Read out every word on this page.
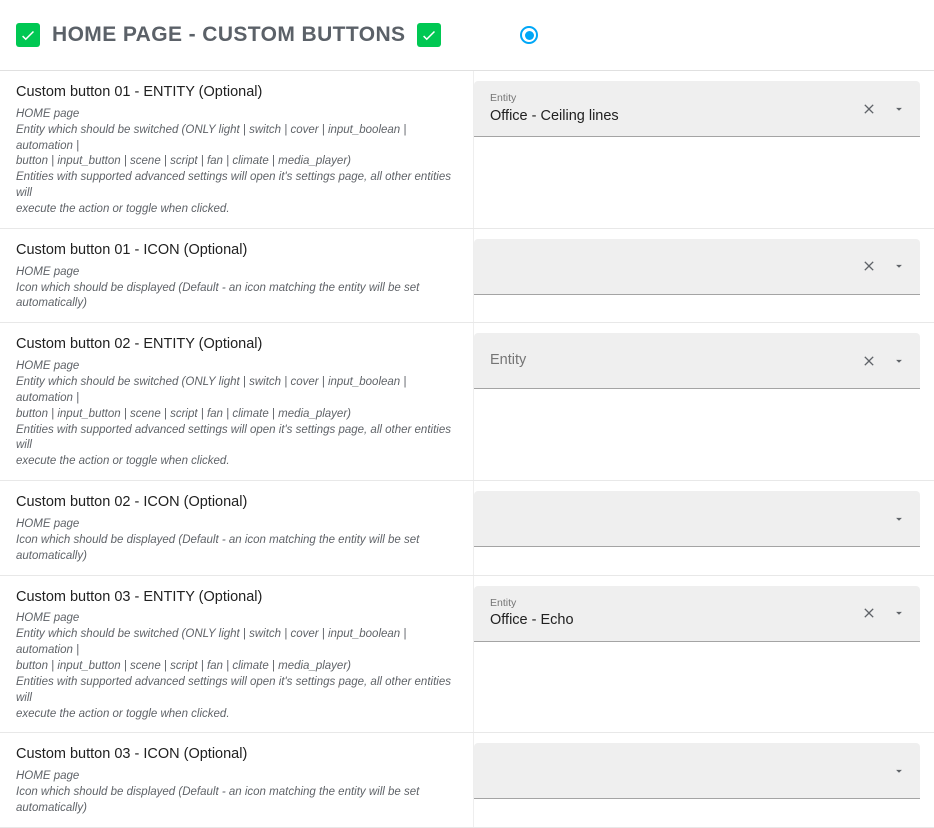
HOME PAGE - CUSTOM BUTTONS
Custom button 01 - ENTITY (Optional)
HOME page
Entity which should be switched (ONLY light | switch | cover | input_boolean | automation |
button | input_button | scene | script | fan | climate | media_player)
Entities with supported advanced settings will open it's settings page, all other entities will
execute the action or toggle when clicked.
Entity
Office - Ceiling lines
Custom button 01 - ICON (Optional)
HOME page
Icon which should be displayed (Default - an icon matching the entity will be set
automatically)

Custom button 02 - ENTITY (Optional)
HOME page
Entity which should be switched (ONLY light | switch | cover | input_boolean | automation |
button | input_button | scene | script | fan | climate | media_player)
Entities with supported advanced settings will open it's settings page, all other entities will
execute the action or toggle when clicked.
Entity
Custom button 02 - ICON (Optional)
HOME page
Icon which should be displayed (Default - an icon matching the entity will be set
automatically)

Custom button 03 - ENTITY (Optional)
HOME page
Entity which should be switched (ONLY light | switch | cover | input_boolean | automation |
button | input_button | scene | script | fan | climate | media_player)
Entities with supported advanced settings will open it's settings page, all other entities will
execute the action or toggle when clicked.
Entity
Office - Echo
Custom button 03 - ICON (Optional)
HOME page
Icon which should be displayed (Default - an icon matching the entity will be set
automatically)
